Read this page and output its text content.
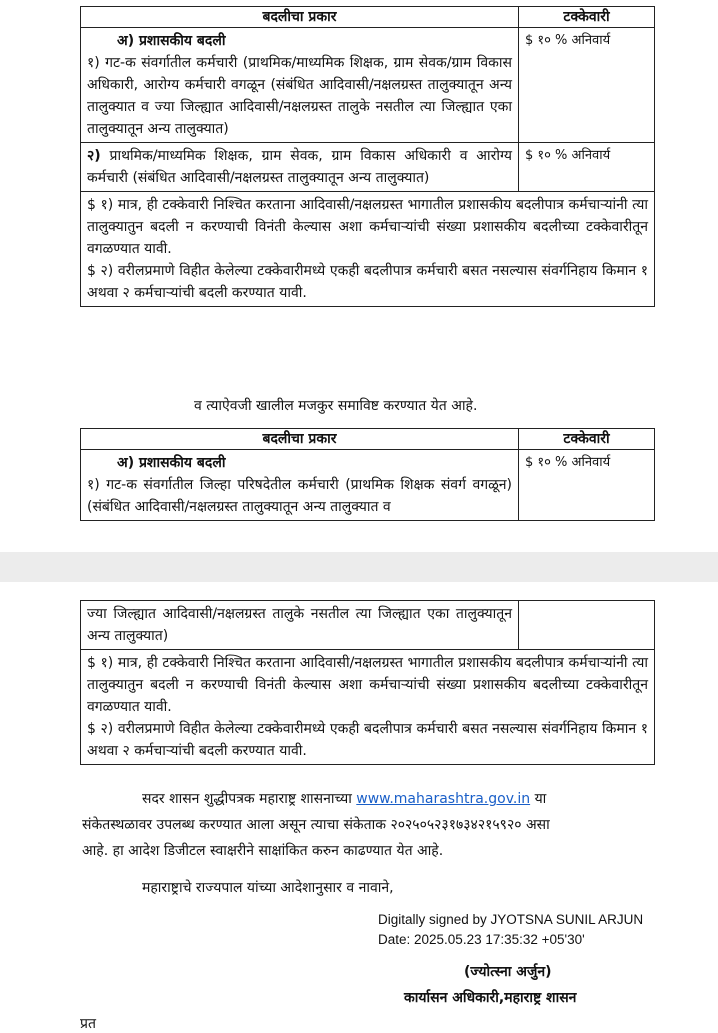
बदलीचा प्रकार	टक्केवारी

अ) प्रशासकीय बदली
१) गट-क संवर्गातील कर्मचारी (प्राथमिक/माध्यमिक शिक्षक, ग्राम सेवक/ग्राम विकास अधिकारी, आरोग्य कर्मचारी वगळून (संबंधित आदिवासी/नक्षलग्रस्त तालुक्यातून अन्य तालुक्यात व ज्या जिल्ह्यात आदिवासी/नक्षलग्रस्त तालुके नसतील त्या जिल्ह्यात एका तालुक्यातून अन्य तालुक्यात)	$ १० % अनिवार्य
२) प्राथमिक/माध्यमिक शिक्षक, ग्राम सेवक, ग्राम विकास अधिकारी व आरोग्य कर्मचारी (संबंधित आदिवासी/नक्षलग्रस्त तालुक्यातून अन्य तालुक्यात)	$ १० % अनिवार्य

$ १) मात्र, ही टक्केवारी निश्चित करताना आदिवासी/नक्षलग्रस्त भागातील प्रशासकीय बदलीपात्र कर्मचाऱ्यांनी त्या तालुक्यातुन बदली न करण्याची विनंती केल्यास अशा कर्मचाऱ्यांची संख्या प्रशासकीय बदलीच्या टक्केवारीतून वगळण्यात यावी.
$ २) वरीलप्रमाणे विहीत केलेल्या टक्केवारीमध्ये एकही बदलीपात्र कर्मचारी बसत नसल्यास संवर्गनिहाय किमान १ अथवा २ कर्मचाऱ्यांची बदली करण्यात यावी.	
व त्याऐवजी खालील मजकुर समाविष्ट करण्यात येत आहे.
बदलीचा प्रकार	टक्केवारी

अ) प्रशासकीय बदली
१) गट-क संवर्गातील जिल्हा परिषदेतील कर्मचारी (प्राथमिक शिक्षक संवर्ग वगळून) (संबंधित आदिवासी/नक्षलग्रस्त तालुक्यातून अन्य तालुक्यात व	$ १० % अनिवार्य
ज्या जिल्ह्यात आदिवासी/नक्षलग्रस्त तालुके नसतील त्या जिल्ह्यात एका तालुक्यातून अन्य तालुक्यात)	

$ १) मात्र, ही टक्केवारी निश्चित करताना आदिवासी/नक्षलग्रस्त भागातील प्रशासकीय बदलीपात्र कर्मचाऱ्यांनी त्या तालुक्यातुन बदली न करण्याची विनंती केल्यास अशा कर्मचाऱ्यांची संख्या प्रशासकीय बदलीच्या टक्केवारीतून वगळण्यात यावी.
$ २) वरीलप्रमाणे विहीत केलेल्या टक्केवारीमध्ये एकही बदलीपात्र कर्मचारी बसत नसल्यास संवर्गनिहाय किमान १ अथवा २ कर्मचाऱ्यांची बदली करण्यात यावी.
सदर शासन शुद्धीपत्रक महाराष्ट्र शासनाच्या www.maharashtra.gov.in या
संकेतस्थळावर उपलब्ध करण्यात आला असून त्याचा संकेताक २०२५०५२३१७३४२१५९२० असा
आहे. हा आदेश डिजीटल स्वाक्षरीने साक्षांकित करुन काढण्यात येत आहे.
महाराष्ट्राचे राज्यपाल यांच्या आदेशानुसार व नावाने,
Digitally signed by JYOTSNA SUNIL ARJUN
Date: 2025.05.23 17:35:32 +05'30'
(ज्योत्स्ना अर्जुन)
कार्यासन अधिकारी,महाराष्ट्र शासन
प्रत
